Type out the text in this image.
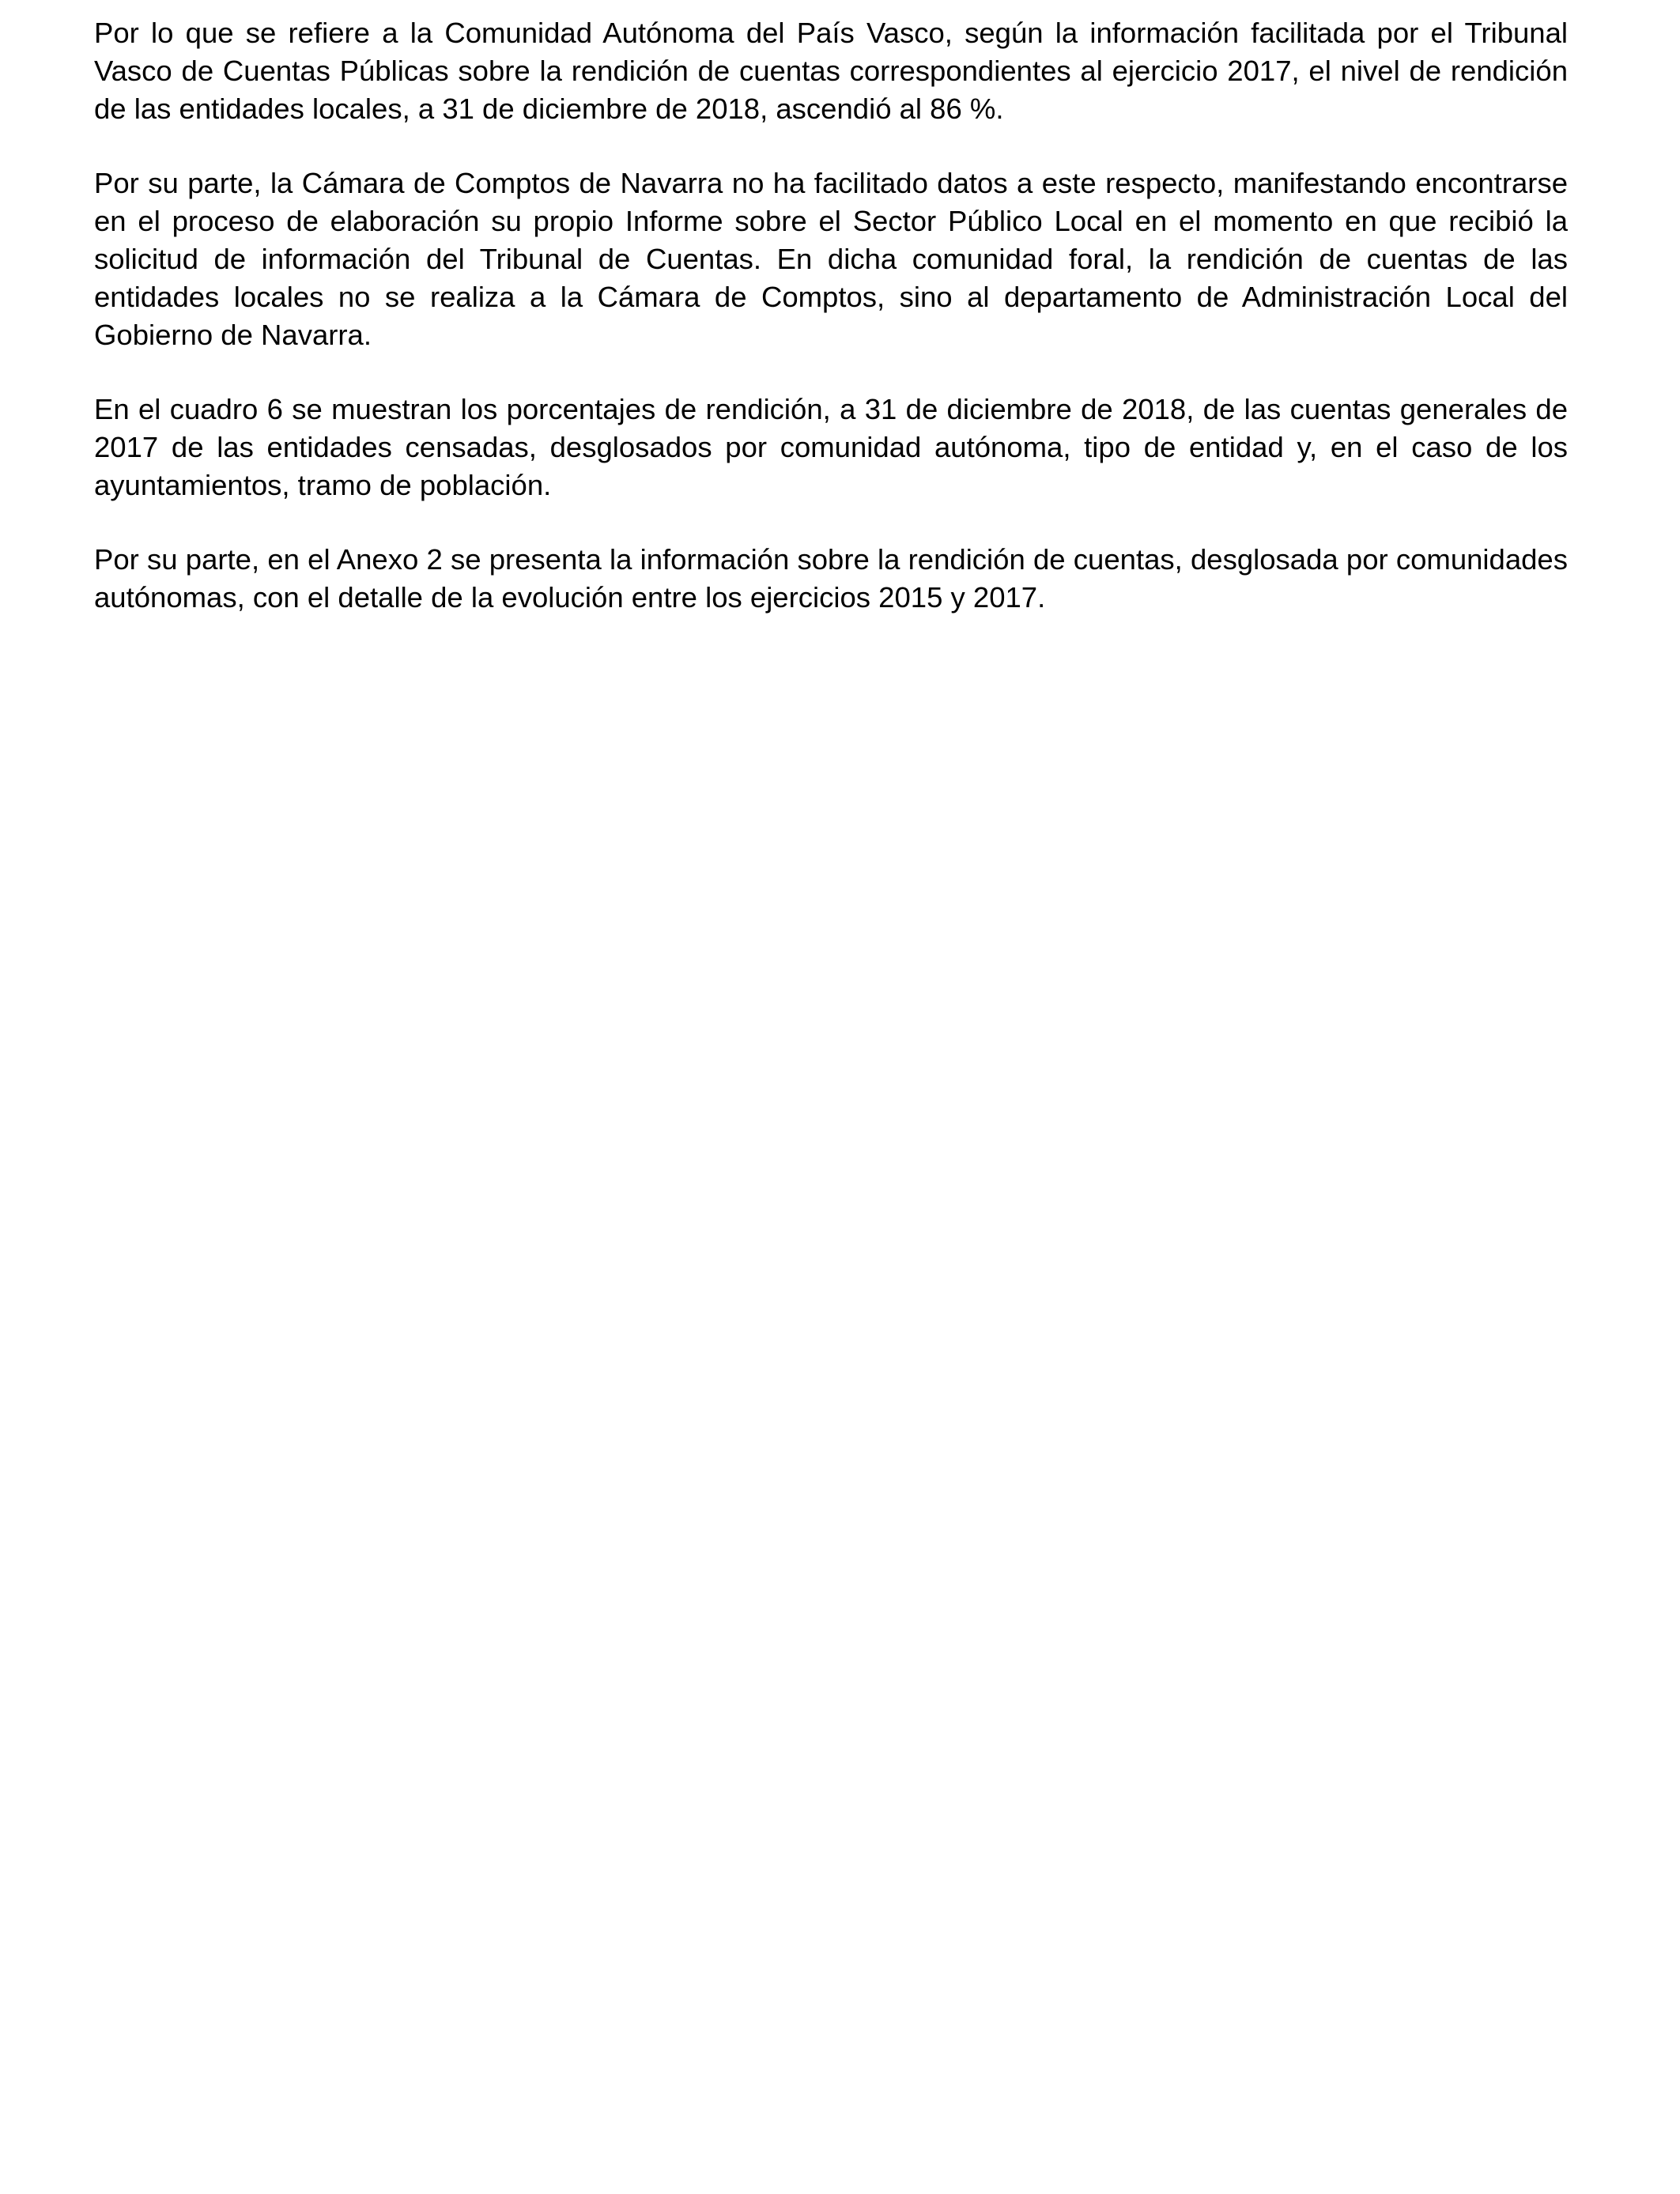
Por lo que se refiere a la Comunidad Autónoma del País Vasco, según la información facilitada por el Tribunal Vasco de Cuentas Públicas sobre la rendición de cuentas correspondientes al ejercicio 2017, el nivel de rendición de las entidades locales, a 31 de diciembre de 2018, ascendió al 86 %.

Por su parte, la Cámara de Comptos de Navarra no ha facilitado datos a este respecto, manifestando encontrarse en el proceso de elaboración su propio Informe sobre el Sector Público Local en el momento en que recibió la solicitud de información del Tribunal de Cuentas. En dicha comunidad foral, la rendición de cuentas de las entidades locales no se realiza a la Cámara de Comptos, sino al departamento de Administración Local del Gobierno de Navarra.

En el cuadro 6 se muestran los porcentajes de rendición, a 31 de diciembre de 2018, de las cuentas generales de 2017 de las entidades censadas, desglosados por comunidad autónoma, tipo de entidad y, en el caso de los ayuntamientos, tramo de población.

Por su parte, en el Anexo 2 se presenta la información sobre la rendición de cuentas, desglosada por comunidades autónomas, con el detalle de la evolución entre los ejercicios 2015 y 2017.
